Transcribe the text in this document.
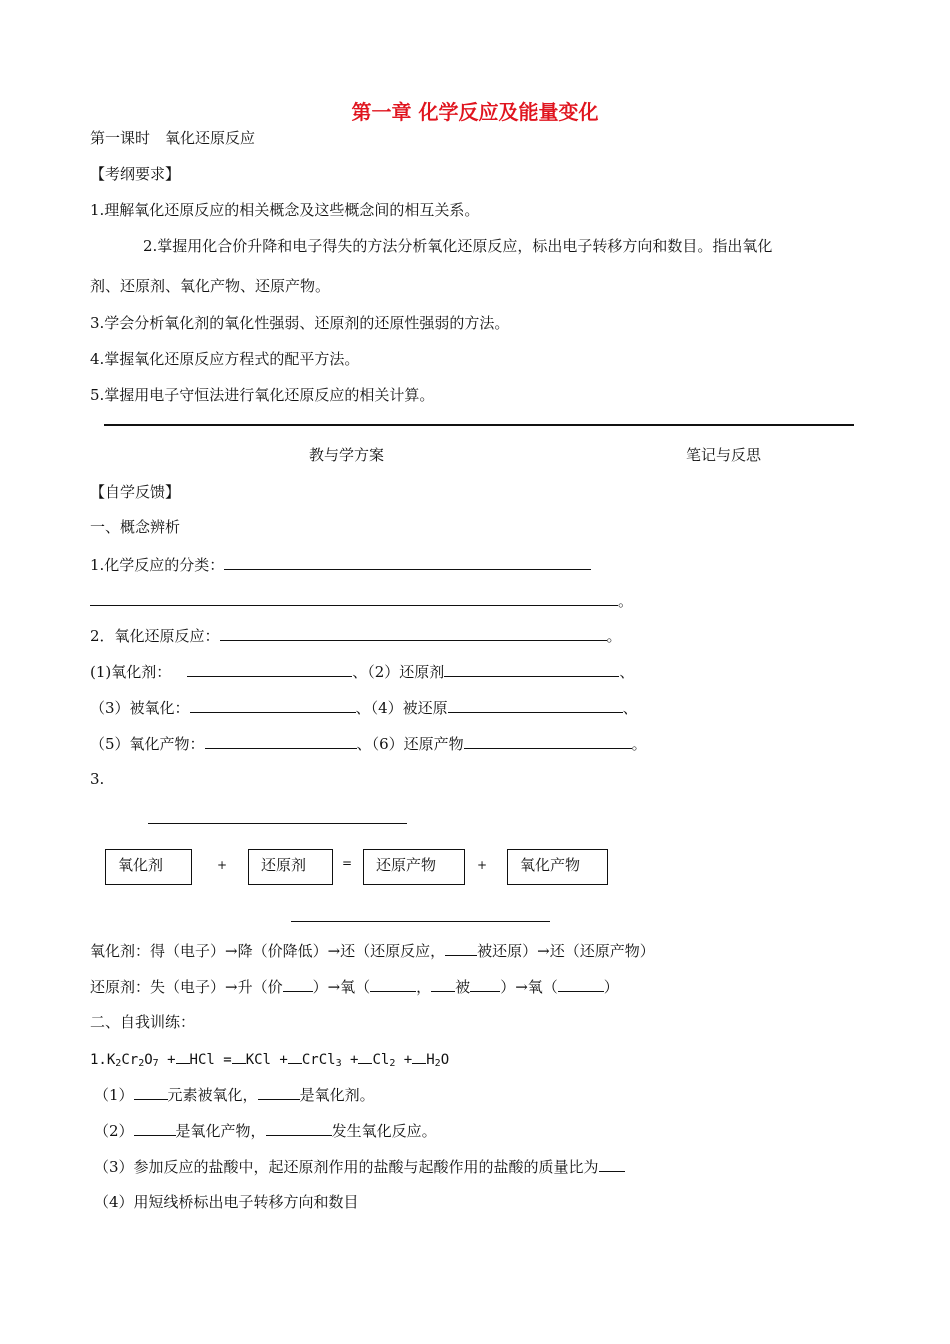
第一章 化学反应及能量变化
第一课时　氧化还原反应
【考纲要求】
1.理解氧化还原反应的相关概念及这些概念间的相互关系。
2.掌握用化合价升降和电子得失的方法分析氧化还原反应，标出电子转移方向和数目。指出氧化
剂、还原剂、氧化产物、还原产物。
3.学会分析氧化剂的氧化性强弱、还原剂的还原性强弱的方法。
4.掌握氧化还原反应方程式的配平方法。
5.掌握用电子守恒法进行氧化还原反应的相关计算。
教与学方案	笔记与反思
【自学反馈】
一、概念辨析
1.化学反应的分类：
。
2．氧化还原反应：	。
(1)氧化剂：	、（2）还原剂	、
（3）被氧化：	、（4）被还原	、
（5）氧化产物：	、（6）还原产物	。
3.
氧化剂	+	还原剂	=	还原产物	+	氧化产物
氧化剂：得（电子）→降（价降低）→还（还原反应， 被还原）→还（还原产物）
还原剂：失（电子）→升（价 ）→氧（	， 被 ）→氧（	）
二、自我训练：
$1.K_2Cr_2O_7$ + HCl = KCl + CrCl$_3$ + $Cl_2 + H_2O$
（1） 元素被氧化，	是氧化剂。
（2）	是氧化产物，	发生氧化反应。
（3）参加反应的盐酸中，起还原剂作用的盐酸与起酸作用的盐酸的质量比为
（4）用短线桥标出电子转移方向和数目
